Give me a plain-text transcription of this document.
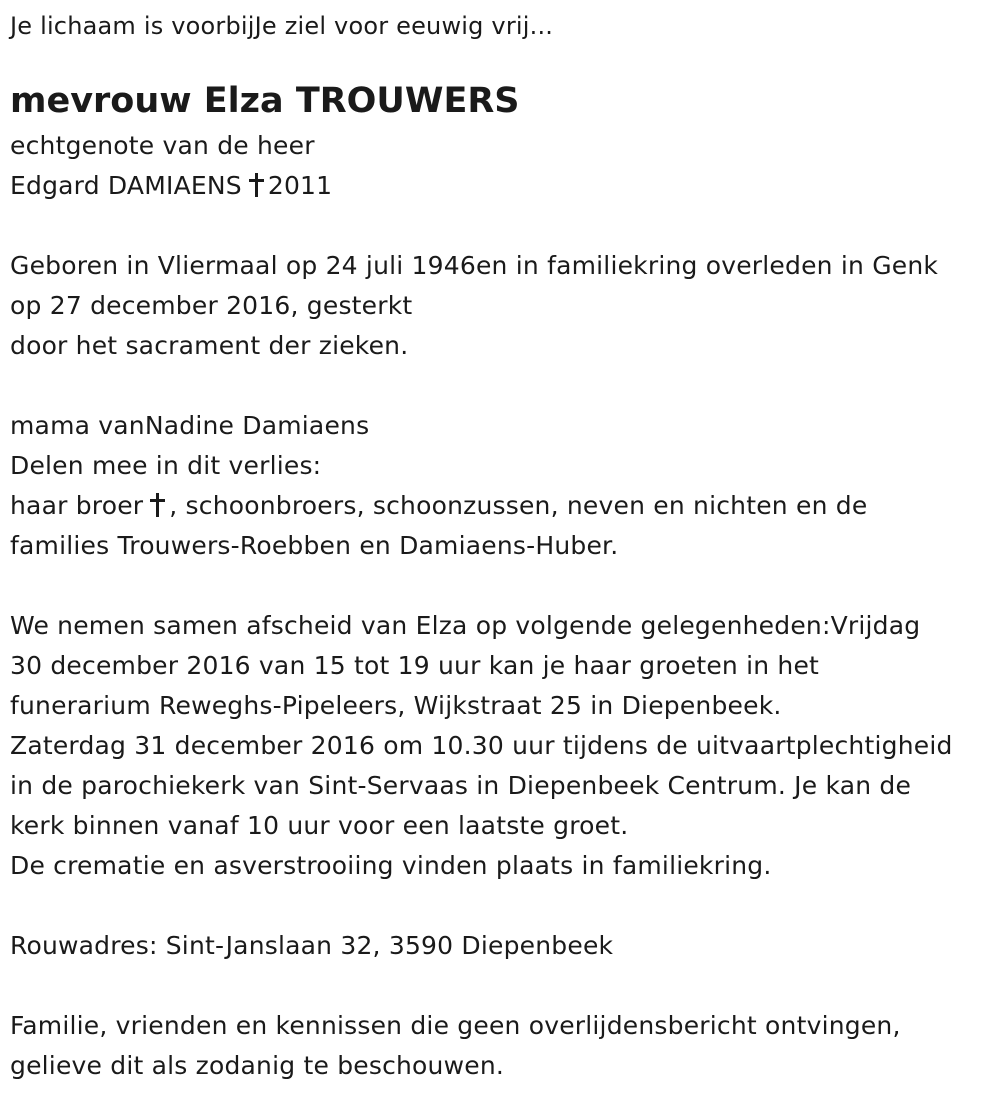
Je lichaam is voorbijJe ziel voor eeuwig vrij...
mevrouw Elza TROUWERS
echtgenote van de heer
Edgard DAMIAENS 2011
Geboren in Vliermaal op 24 juli 1946en in familiekring overleden in Genk
op 27 december 2016, gesterkt
door het sacrament der zieken.
mama vanNadine Damiaens
Delen mee in dit verlies:
haar broer , schoonbroers, schoonzussen, neven en nichten en de
families Trouwers-Roebben en Damiaens-Huber.
We nemen samen afscheid van Elza op volgende gelegenheden:Vrijdag
30 december 2016 van 15 tot 19 uur kan je haar groeten in het
funerarium Reweghs-Pipeleers, Wijkstraat 25 in Diepenbeek.
Zaterdag 31 december 2016 om 10.30 uur tijdens de uitvaartplechtigheid
in de parochiekerk van Sint-Servaas in Diepenbeek Centrum. Je kan de
kerk binnen vanaf 10 uur voor een laatste groet.
De crematie en asverstrooiing vinden plaats in familiekring.
Rouwadres: Sint-Janslaan 32, 3590 Diepenbeek
Familie, vrienden en kennissen die geen overlijdensbericht ontvingen,
gelieve dit als zodanig te beschouwen.
